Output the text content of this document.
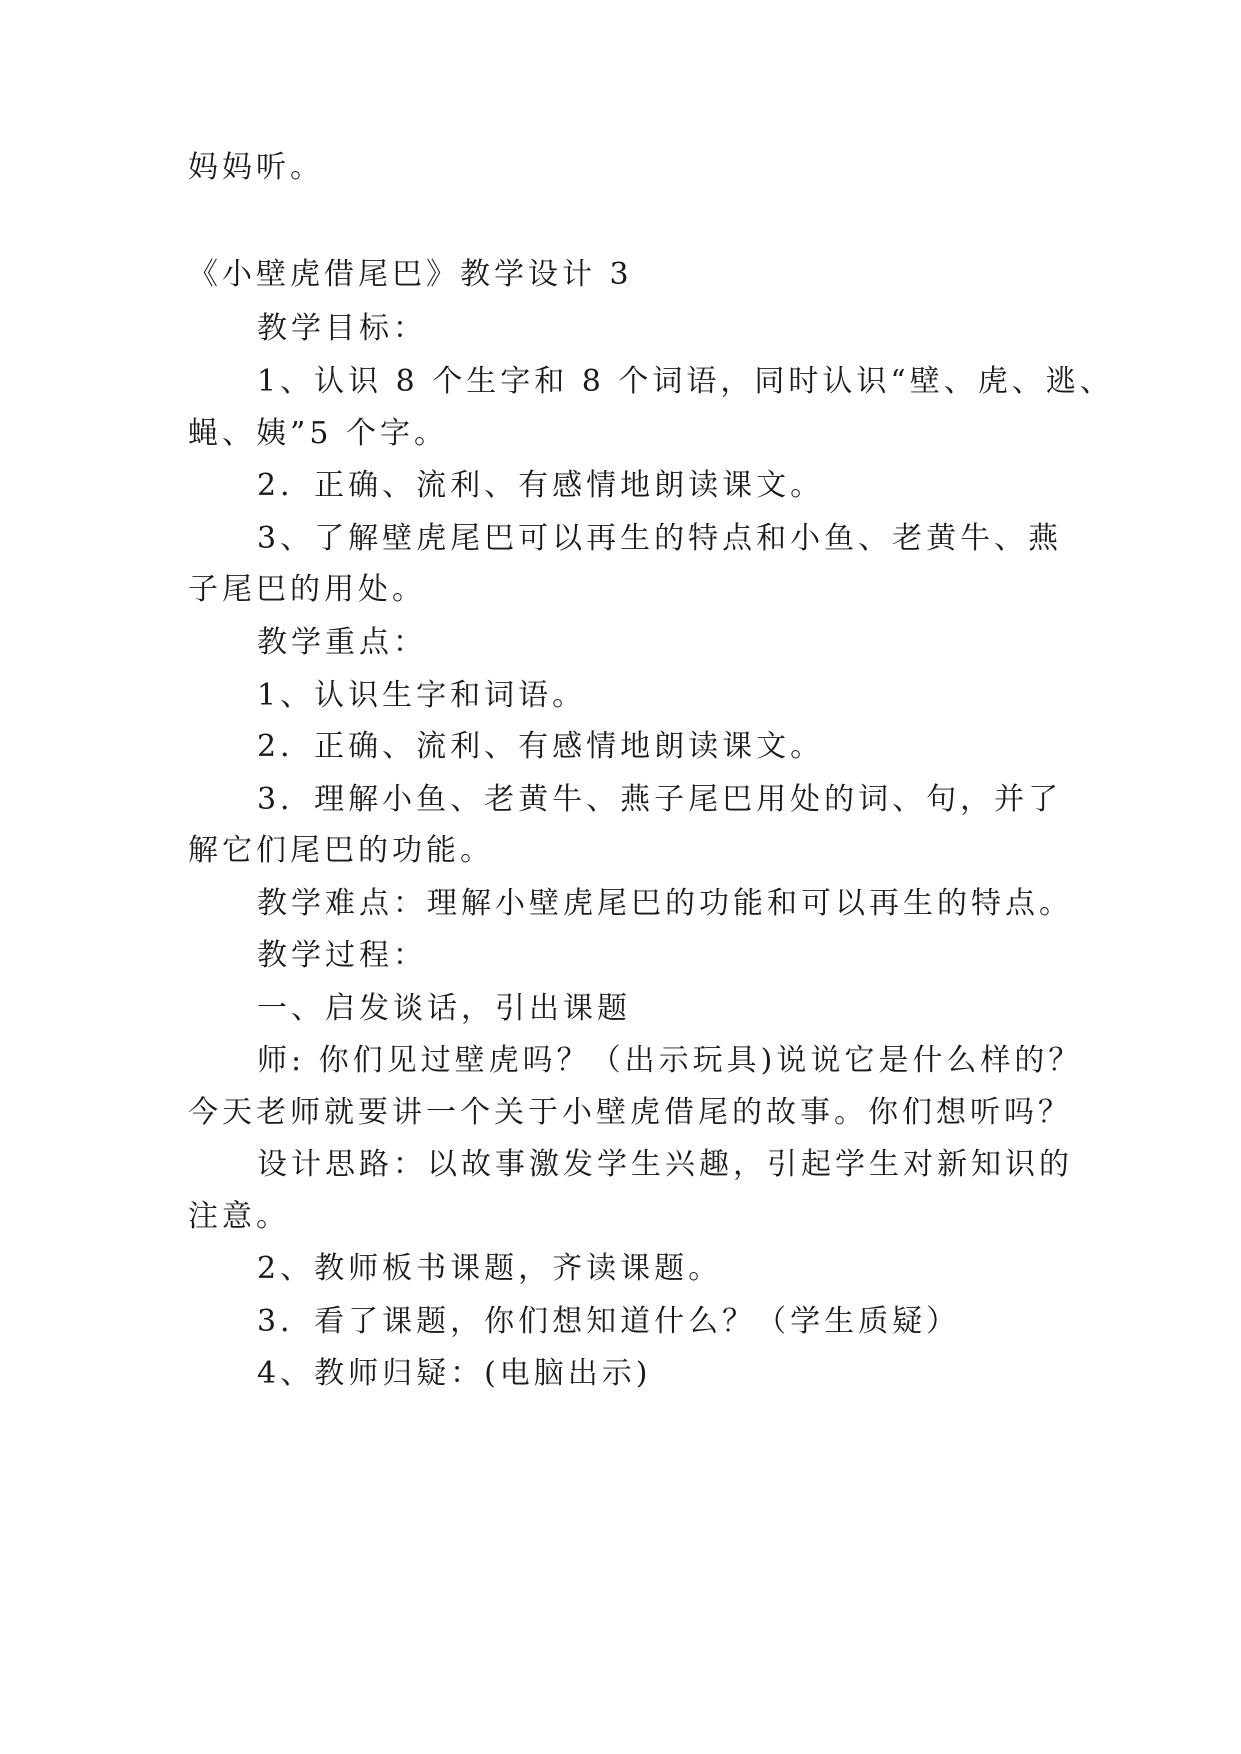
妈妈听。
《小壁虎借尾巴》教学设计 3
教学目标：
1、认识 8 个生字和 8 个词语，同时认识“壁、虎、逃、
蝇、姨”5 个字。
2．正确、流利、有感情地朗读课文。
3、了解壁虎尾巴可以再生的特点和小鱼、老黄牛、燕
子尾巴的用处。
教学重点：
1、认识生字和词语。
2．正确、流利、有感情地朗读课文。
3．理解小鱼、老黄牛、燕子尾巴用处的词、句，并了
解它们尾巴的功能。
教学难点：理解小壁虎尾巴的功能和可以再生的特点。
教学过程：
一、启发谈话，引出课题
师: 你们见过壁虎吗？（出示玩具)说说它是什么样的？
今天老师就要讲一个关于小壁虎借尾的故事。你们想听吗？
设计思路：以故事激发学生兴趣，引起学生对新知识的
注意。
2、教师板书课题，齐读课题。
3．看了课题，你们想知道什么？（学生质疑）
4、教师归疑：(电脑出示)
